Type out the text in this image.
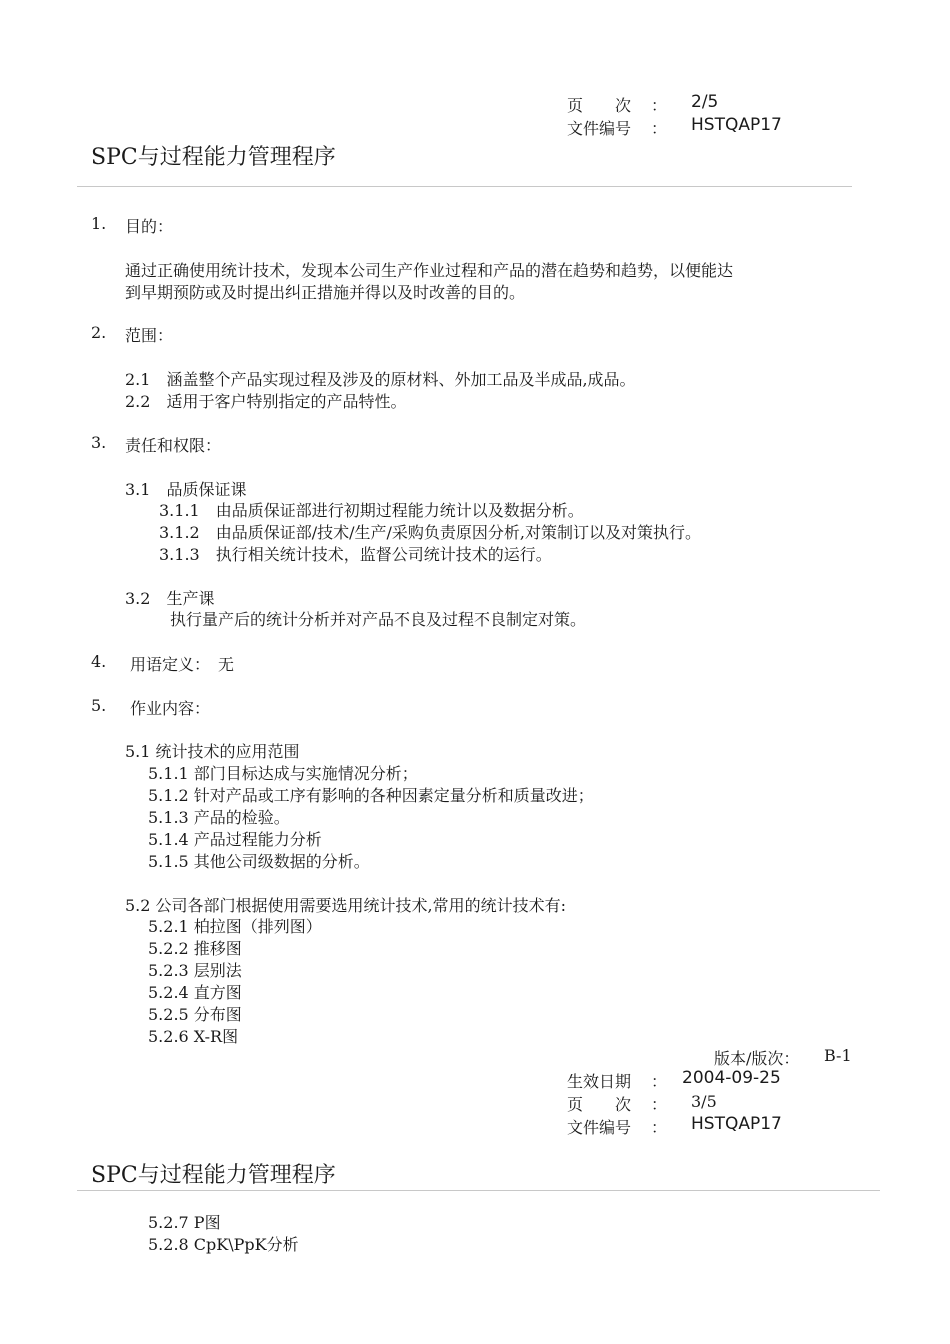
页　　次 ： 2/5
文件编号 ： HSTQAP17
SPC与过程能力管理程序
1. 目的：
通过正确使用统计技术，发现本公司生产作业过程和产品的潜在趋势和趋势，以便能达
到早期预防或及时提出纠正措施并得以及时改善的目的。
2. 范围：
2.1　涵盖整个产品实现过程及涉及的原材料、外加工品及半成品,成品。
2.2　适用于客户特别指定的产品特性。
3. 责任和权限：
3.1　品质保证课
3.1.1　由品质保证部进行初期过程能力统计以及数据分析。
3.1.2　由品质保证部/技术/生产/采购负责原因分析,对策制订以及对策执行。
3.1.3　执行相关统计技术，监督公司统计技术的运行。
3.2　生产课
执行量产后的统计分析并对产品不良及过程不良制定对策。
4. 用语定义：　无
5. 作业内容：
5.1 统计技术的应用范围
5.1.1 部门目标达成与实施情况分析；
5.1.2 针对产品或工序有影响的各种因素定量分析和质量改进；
5.1.3 产品的检验。
5.1.4 产品过程能力分析
5.1.5 其他公司级数据的分析。
5.2 公司各部门根据使用需要选用统计技术,常用的统计技术有:
5.2.1 柏拉图（排列图）
5.2.2 推移图
5.2.3 层别法
5.2.4 直方图
5.2.5 分布图
5.2.6 X-R图
版本/版次： B-1
生效日期 ： 2004-09-25
页　　次 ： 3/5
文件编号 ： HSTQAP17
SPC与过程能力管理程序
5.2.7 P图
5.2.8 CpK\PpK分析
